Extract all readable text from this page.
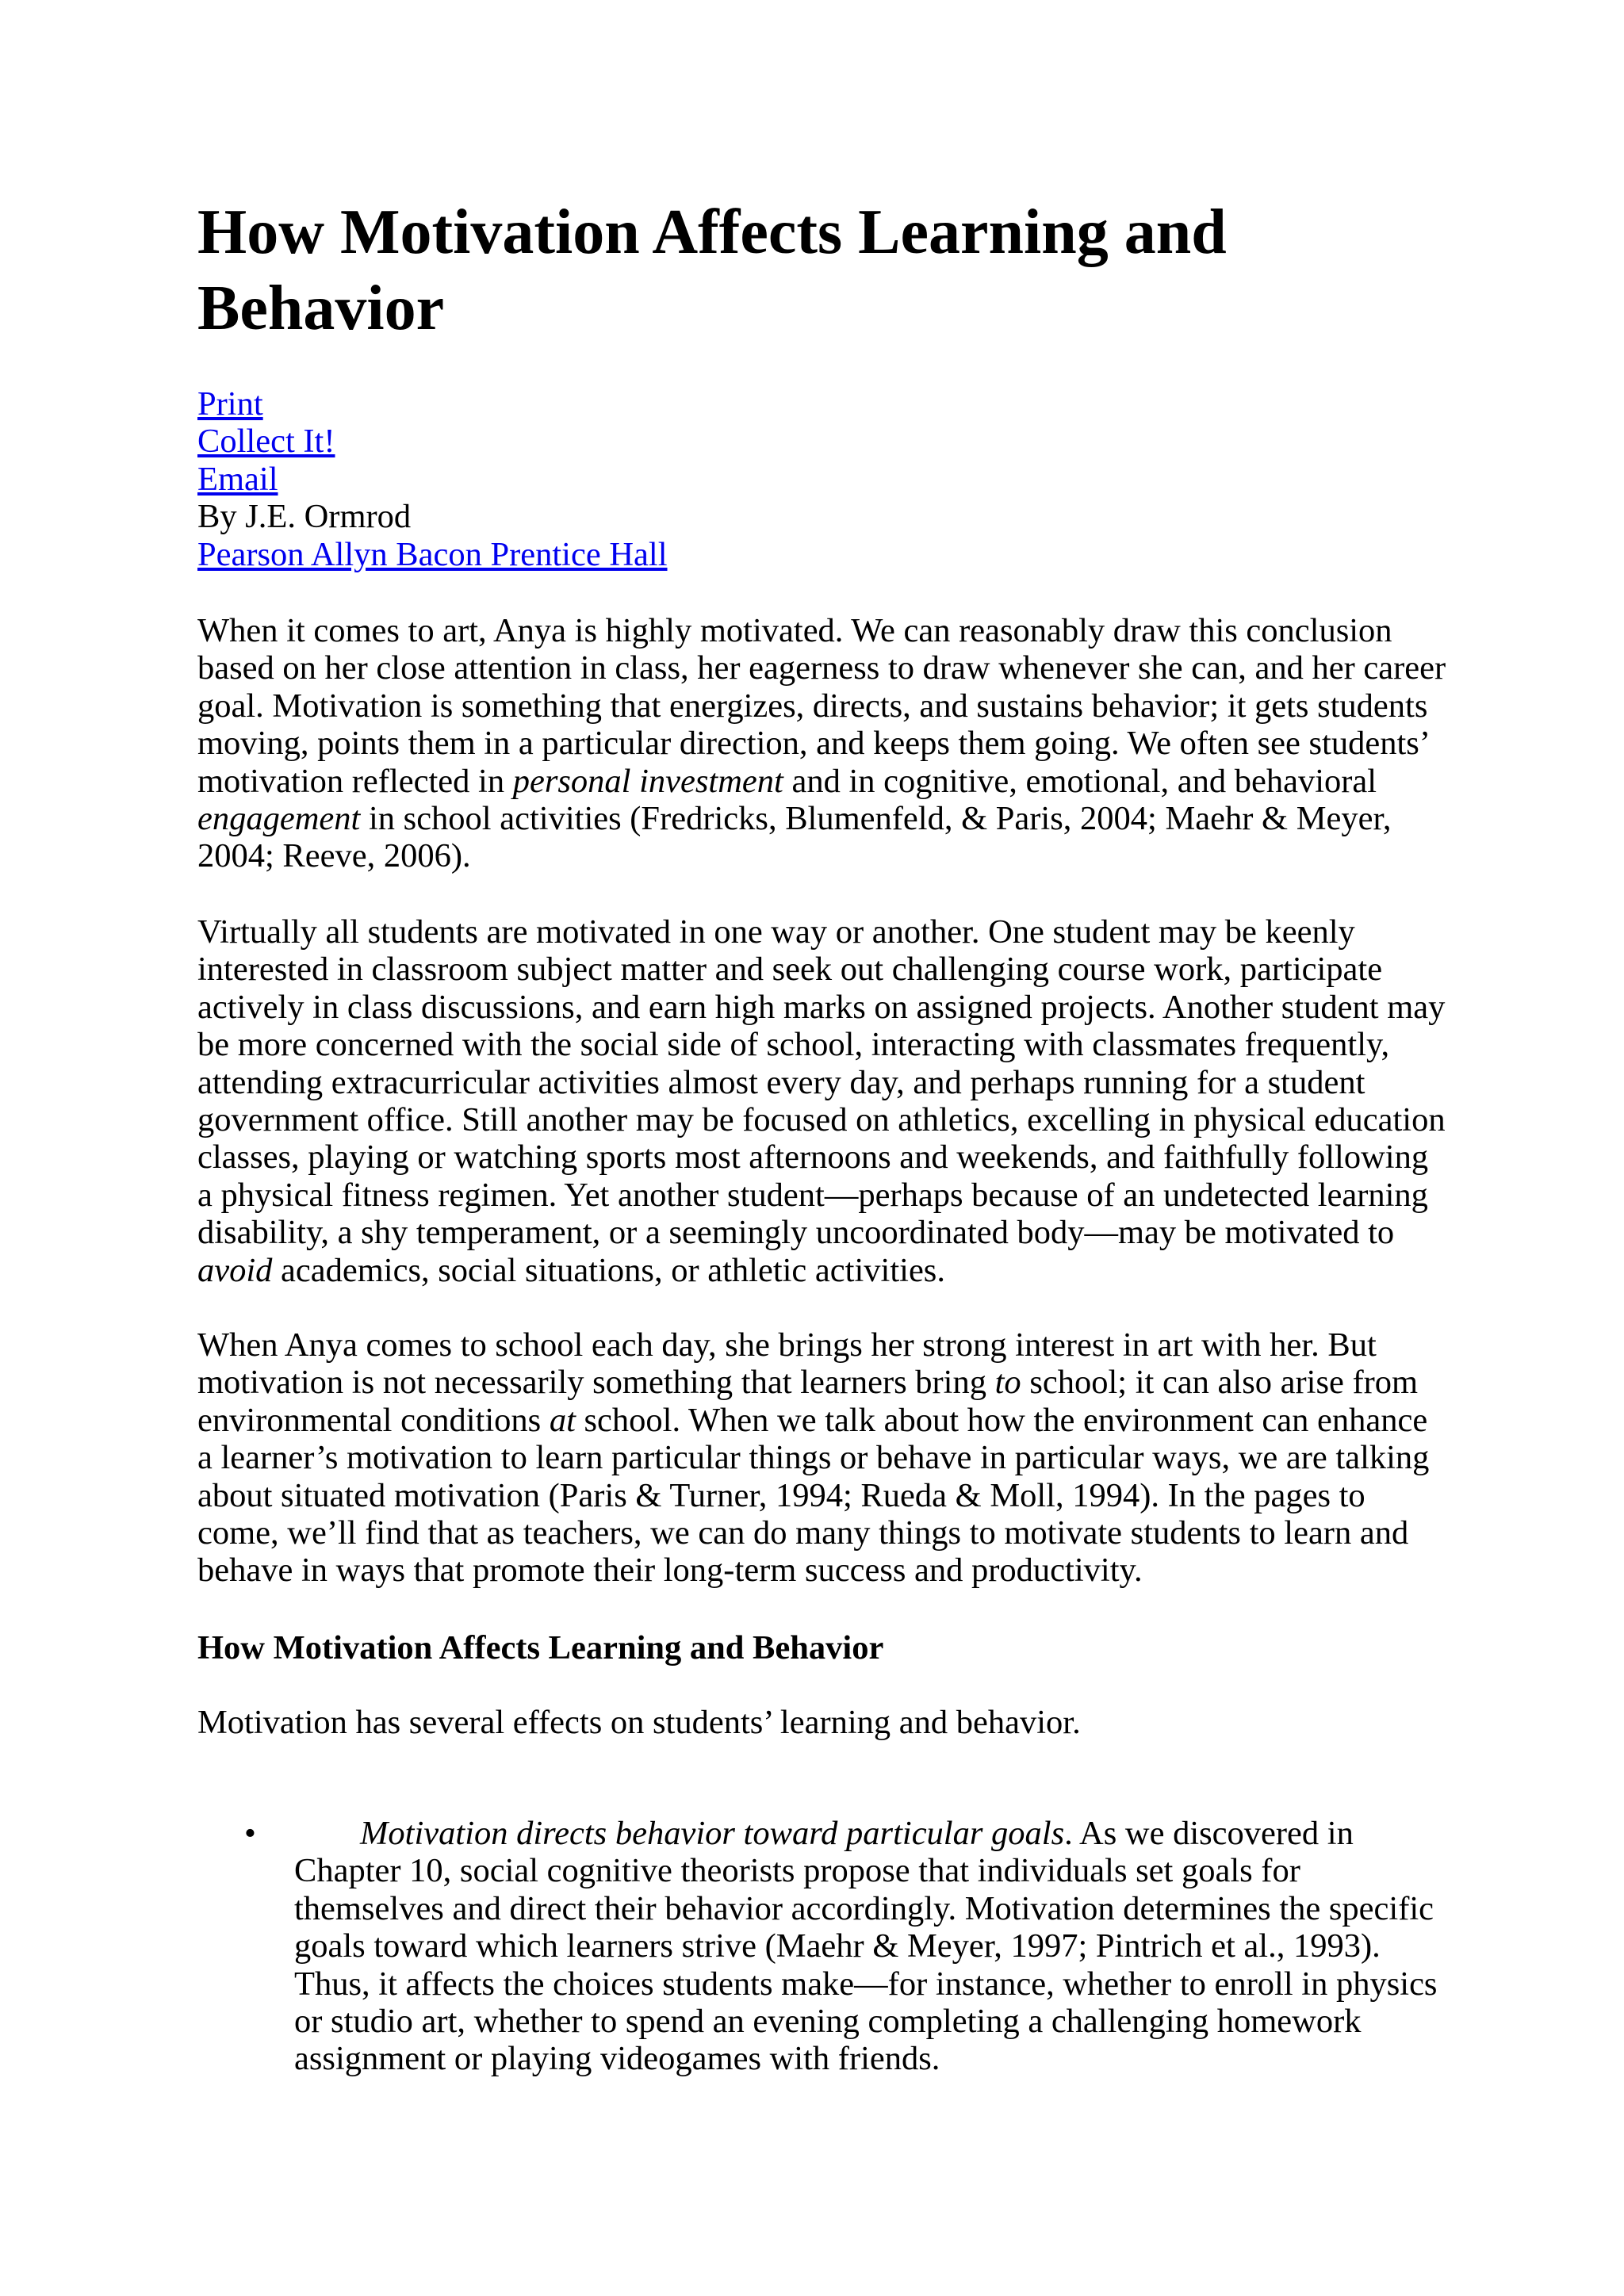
How Motivation Affects Learning and Behavior
Print
Collect It!
Email
By J.E. Ormrod
Pearson Allyn Bacon Prentice Hall

When it comes to art, Anya is highly motivated. We can reasonably draw this conclusion based on her close attention in class, her eagerness to draw whenever she can, and her career goal. Motivation is something that energizes, directs, and sustains behavior; it gets students moving, points them in a particular direction, and keeps them going. We often see students’ motivation reflected in personal investment and in cognitive, emotional, and behavioral engagement in school activities (Fredricks, Blumenfeld, & Paris, 2004; Maehr & Meyer, 2004; Reeve, 2006).

Virtually all students are motivated in one way or another. One student may be keenly interested in classroom subject matter and seek out challenging course work, participate actively in class discussions, and earn high marks on assigned projects. Another student may be more concerned with the social side of school, interacting with classmates frequently, attending extracurricular activities almost every day, and perhaps running for a student government office. Still another may be focused on athletics, excelling in physical education classes, playing or watching sports most afternoons and weekends, and faithfully following a physical fitness regimen. Yet another student—perhaps because of an undetected learning disability, a shy temperament, or a seemingly uncoordinated body—may be motivated to avoid academics, social situations, or athletic activities.

When Anya comes to school each day, she brings her strong interest in art with her. But motivation is not necessarily something that learners bring to school; it can also arise from environmental conditions at school. When we talk about how the environment can enhance a learner’s motivation to learn particular things or behave in particular ways, we are talking about situated motivation (Paris & Turner, 1994; Rueda & Moll, 1994). In the pages to come, we’ll find that as teachers, we can do many things to motivate students to learn and behave in ways that promote their long-term success and productivity.

How Motivation Affects Learning and Behavior

Motivation has several effects on students’ learning and behavior.

•	Motivation directs behavior toward particular goals. As we discovered in Chapter 10, social cognitive theorists propose that individuals set goals for themselves and direct their behavior accordingly. Motivation determines the specific goals toward which learners strive (Maehr & Meyer, 1997; Pintrich et al., 1993). Thus, it affects the choices students make—for instance, whether to enroll in physics or studio art, whether to spend an evening completing a challenging homework assignment or playing videogames with friends.
